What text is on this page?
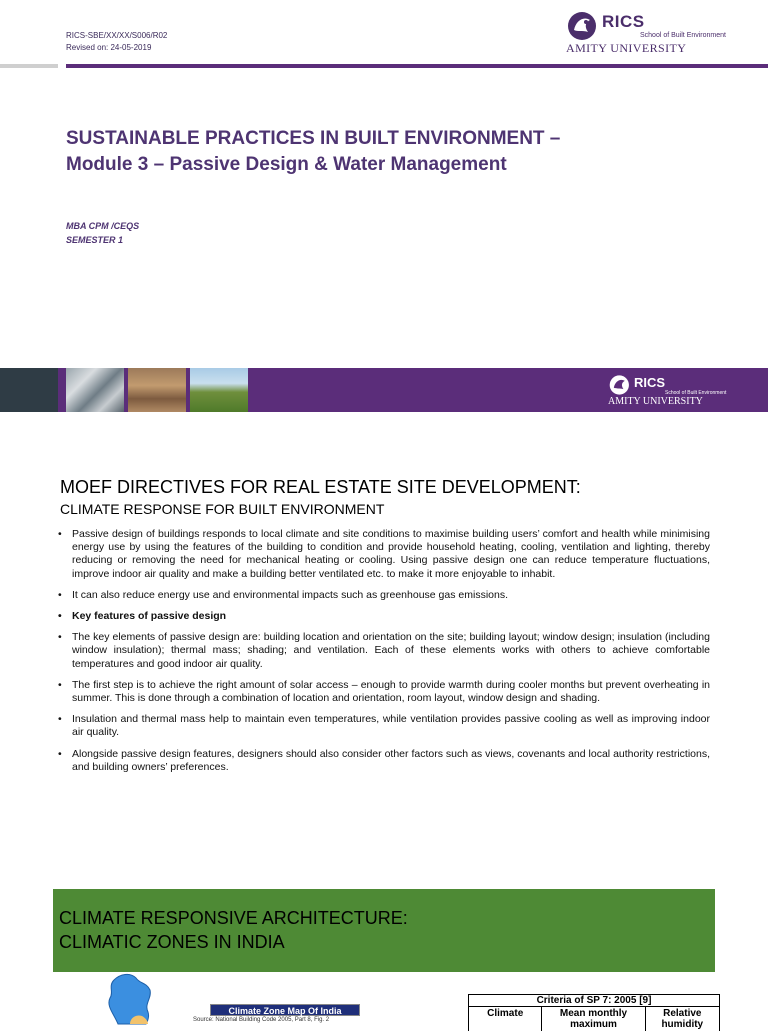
RICS-SBE/XX/XX/S006/R02
Revised on: 24-05-2019
RICS
School of Built Environment
AMITY UNIVERSITY
SUSTAINABLE PRACTICES IN BUILT ENVIRONMENT –
Module 3 – Passive Design & Water Management
MBA CPM /CEQS
SEMESTER 1
RICS
School of Built Environment
AMITY UNIVERSITY
MOEF DIRECTIVES FOR REAL ESTATE SITE DEVELOPMENT:
CLIMATE RESPONSE FOR BUILT ENVIRONMENT
• Passive design of buildings responds to local climate and site conditions to maximise building users’ comfort and health while minimising energy use by using the features of the building to condition and provide household heating, cooling, ventilation and lighting, thereby reducing or removing the need for mechanical heating or cooling. Using passive design one can reduce temperature fluctuations, improve indoor air quality and make a building better ventilated etc. to make it more enjoyable to inhabit.
• It can also reduce energy use and environmental impacts such as greenhouse gas emissions.
• Key features of passive design
• The key elements of passive design are: building location and orientation on the site; building layout; window design; insulation (including window insulation); thermal mass; shading; and ventilation. Each of these elements works with others to achieve comfortable temperatures and good indoor air quality.
• The first step is to achieve the right amount of solar access – enough to provide warmth during cooler months but prevent overheating in summer. This is done through a combination of location and orientation, room layout, window design and shading.
• Insulation and thermal mass help to maintain even temperatures, while ventilation provides passive cooling as well as improving indoor air quality.
• Alongside passive design features, designers should also consider other factors such as views, covenants and local authority restrictions, and building owners’ preferences.
CLIMATE RESPONSIVE ARCHITECTURE:
CLIMATIC ZONES IN INDIA
Climate Zone Map Of India
Source: National Building Code 2005, Part 8, Fig. 2
Criteria of SP 7: 2005 [9]
Climate	Mean monthly maximum
Relative humidity
